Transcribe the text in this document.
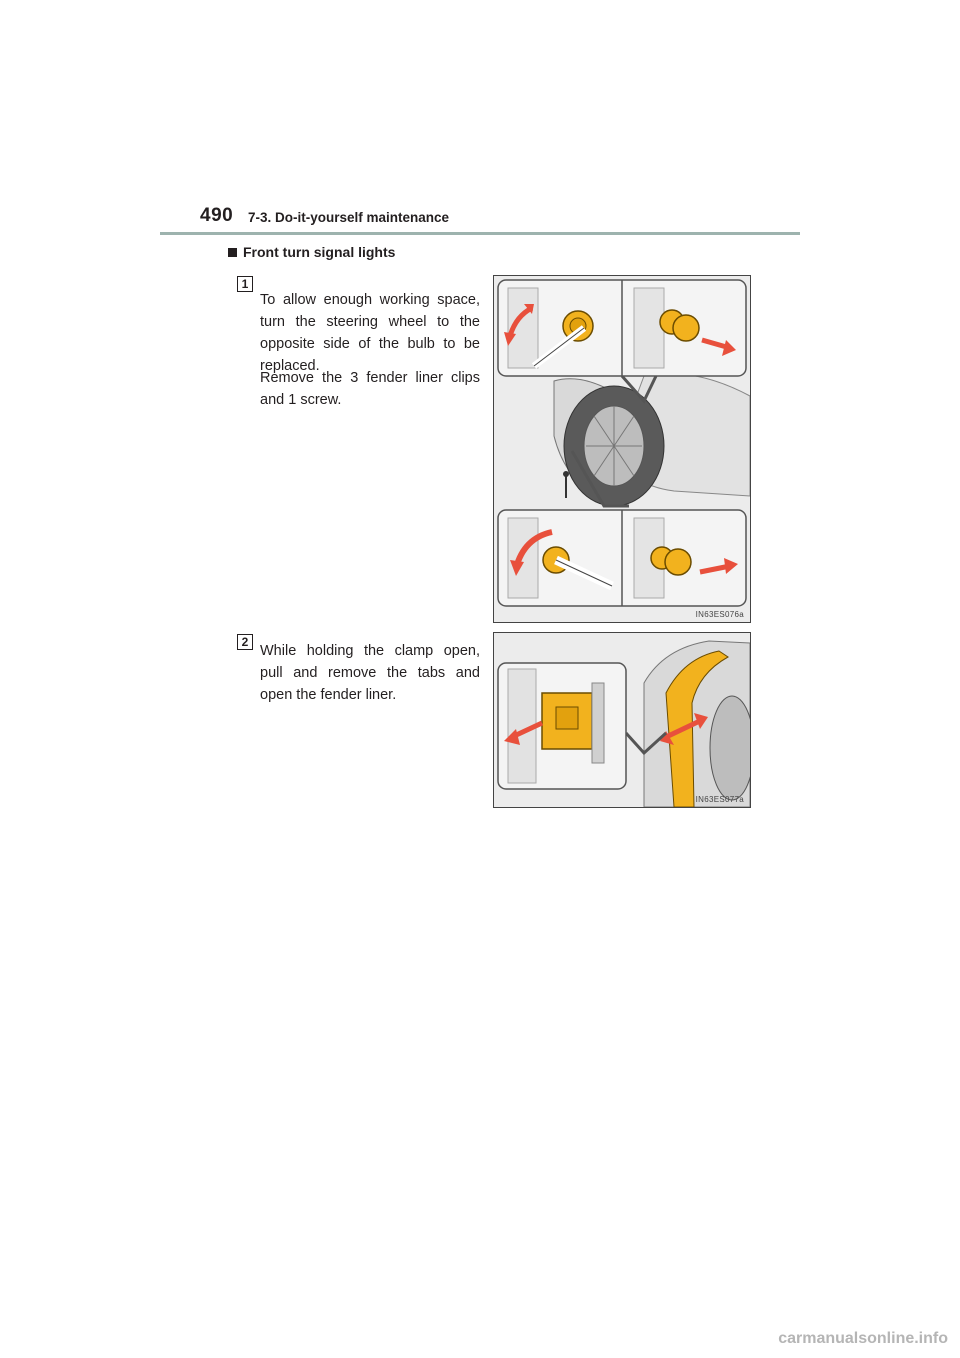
490 7-3. Do-it-yourself maintenance
Front turn signal lights
1
To allow enough working space, turn the steering wheel to the opposite side of the bulb to be replaced.
Remove the 3 fender liner clips and 1 screw.
IN63ES076a
2
While holding the clamp open, pull and remove the tabs and open the fender liner.
IN63ES077a
carmanualsonline.info
